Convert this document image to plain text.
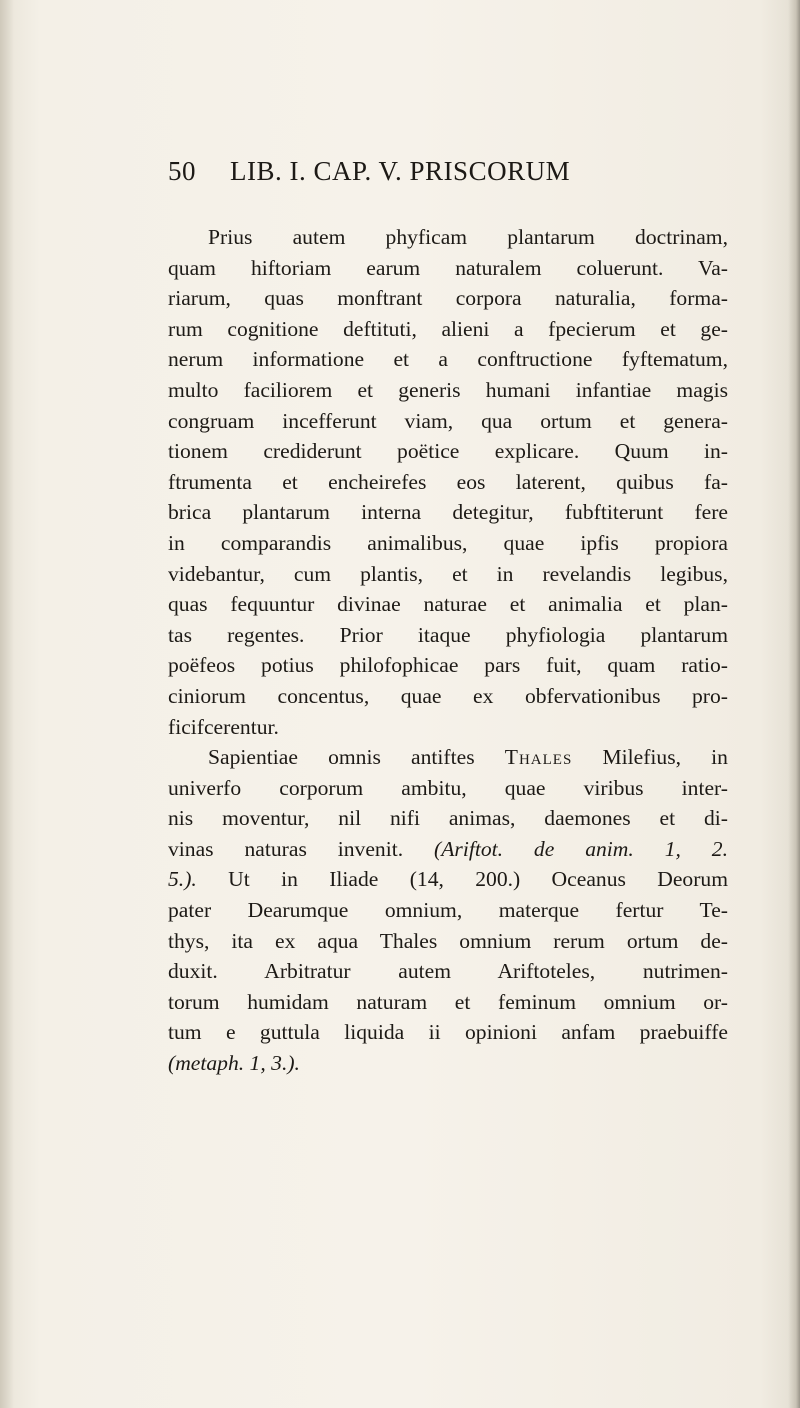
50	LIB. I. CAP. V. PRISCORUM
Prius autem phyficam plantarum doctrinam,
quam hiftoriam earum naturalem coluerunt. Va-
riarum, quas monftrant corpora naturalia, forma-
rum cognitione deftituti, alieni a fpecierum et ge-
nerum informatione et a conftructione fyftematum,
multo faciliorem et generis humani infantiae magis
congruam incefferunt viam, qua ortum et genera-
tionem crediderunt poëtice explicare. Quum in-
ftrumenta et encheirefes eos laterent, quibus fa-
brica plantarum interna detegitur, fubftiterunt fere
in comparandis animalibus, quae ipfis propiora
videbantur, cum plantis, et in revelandis legibus,
quas fequuntur divinae naturae et animalia et plan-
tas regentes. Prior itaque phyfiologia plantarum
poëfeos potius philofophicae pars fuit, quam ratio-
ciniorum concentus, quae ex obfervationibus pro-
ficifcerentur.
Sapientiae omnis antiftes Thales Milefius, in
univerfo corporum ambitu, quae viribus inter-
nis moventur, nil nifi animas, daemones et di-
vinas naturas invenit. (Ariftot. de anim. 1, 2.
5.). Ut in Iliade (14, 200.) Oceanus Deorum
pater Dearumque omnium, materque fertur Te-
thys, ita ex aqua Thales omnium rerum ortum de-
duxit. Arbitratur autem Ariftoteles, nutrimen-
torum humidam naturam et feminum omnium or-
tum e guttula liquida ii opinioni anfam praebuiffe
(metaph. 1, 3.).
